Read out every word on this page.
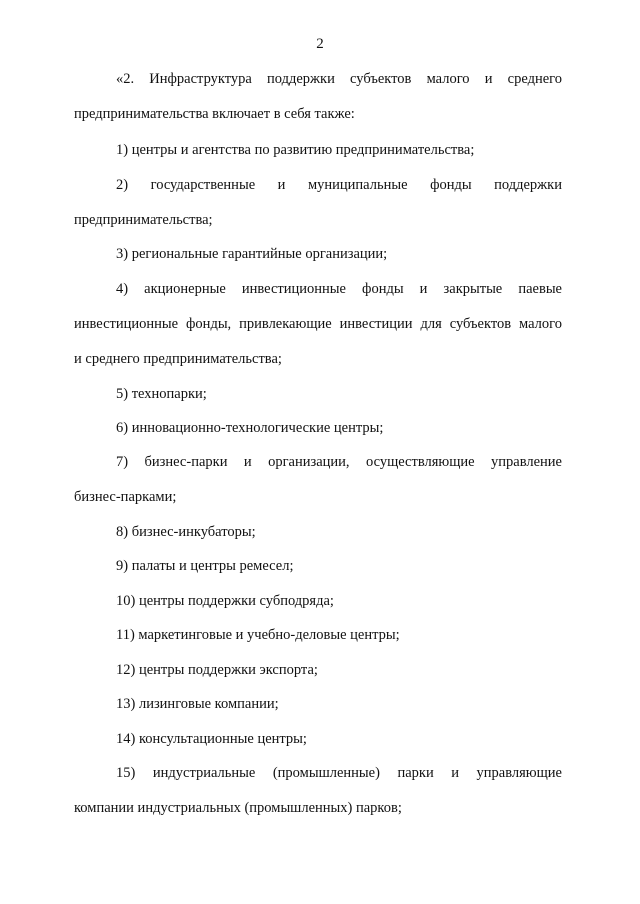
2
«2. Инфраструктура поддержки субъектов малого и среднего
предпринимательства включает в себя также:
1) центры и агентства по развитию предпринимательства;
2) государственные и муниципальные фонды поддержки
предпринимательства;
3) региональные гарантийные организации;
4) акционерные инвестиционные фонды и закрытые паевые
инвестиционные фонды, привлекающие инвестиции для субъектов малого
и среднего предпринимательства;
5) технопарки;
6) инновационно-технологические центры;
7) бизнес-парки и организации, осуществляющие управление
бизнес-парками;
8) бизнес-инкубаторы;
9) палаты и центры ремесел;
10) центры поддержки субподряда;
11) маркетинговые и учебно-деловые центры;
12) центры поддержки экспорта;
13) лизинговые компании;
14) консультационные центры;
15) индустриальные (промышленные) парки и управляющие
компании индустриальных (промышленных) парков;
